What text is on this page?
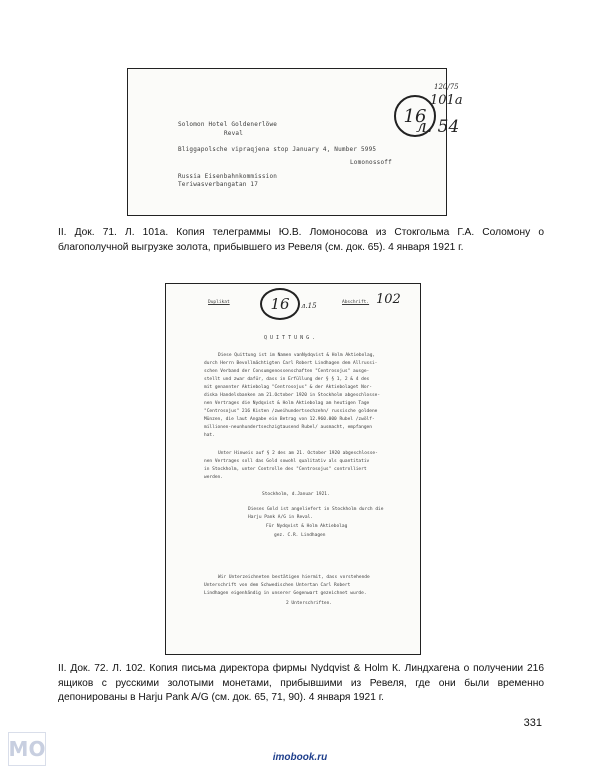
Solomon Hotel Goldenerlöwe
Reval
Bliggapolsche vipraqjena stop January 4, Number 5995
Lomonossoff
Russia Eisenbahnkommission
Teriwasverbangatan 17
16
120/75
101a
л. 54
II. Док. 71. Л. 101а. Копия телеграммы Ю.В. Ломоносова из Стокгольма Г.А. Соломону о благополучной выгрузке золота, прибывшего из Ревеля (см. док. 65). 4 января 1921 г.
Duplikat	Abschrift.
16	л.15	102
Q U I T T U N G .
Diese Quittung ist im Namen vanNydqvist & Holm Aktiebolag,
durch Herrn Bevollmächtigten Carl Robert Lindhagen dem Allrussi-
schen Verband der Consumgenossenschaften "Centrosojus" ausge-
stellt und zwar dafür, dass in Erfüllung der § § 1, 2 & 4 des
mit genannter Aktiebolag "Centrosojus" & der Aktiebolaget Nor-
diska Handelsbanken am 21.October 1920 in Stockholm abgeschlosse-
nen Vertrages die Nydqvist & Holm Aktiebolag am heutigen Tage
"Centrosojus" 216 Kisten /zweihundertsechzehn/ russische goldene
Münzen, die laut Angabe ein Betrag von 12.960.000 Rubel /zwölf-
millionen-neunhundertsechzigtausend Rubel/ ausmacht, empfangen
hat.
Unter Hinweis auf § 2 des am 21. October 1920 abgeschlosse-
nen Vertrages soll das Gold sowohl qualitativ als quantitativ
in Stockholm, unter Controlle des "Centrosojus" controlliert
werden.
Stockholm, d.Januar 1921.
Dieses Gold ist angeliefert in Stockholm durch die
Harju Pank A/G in Reval.
Für Nydqvist & Holm Aktiebolag
gez. C.R. Lindhagen
Wir Unterzeichneten bestätigen hiermit, dass vorstehende
Unterschrift von dem Schwedischen Untertan Carl Robert
Lindhagen eigenhändig in unserer Gegenwart gezeichnet wurde.
2 Unterschriften.
II. Док. 72. Л. 102. Копия письма директора фирмы Nydqvist & Holm К. Линдхагена о получении 216 ящиков с русскими золотыми монетами, прибывшими из Ревеля, где они были временно депонированы в Harju Pank A/G (см. док. 65, 71, 90). 4 января 1921 г.
331
MO	imobook.ru
